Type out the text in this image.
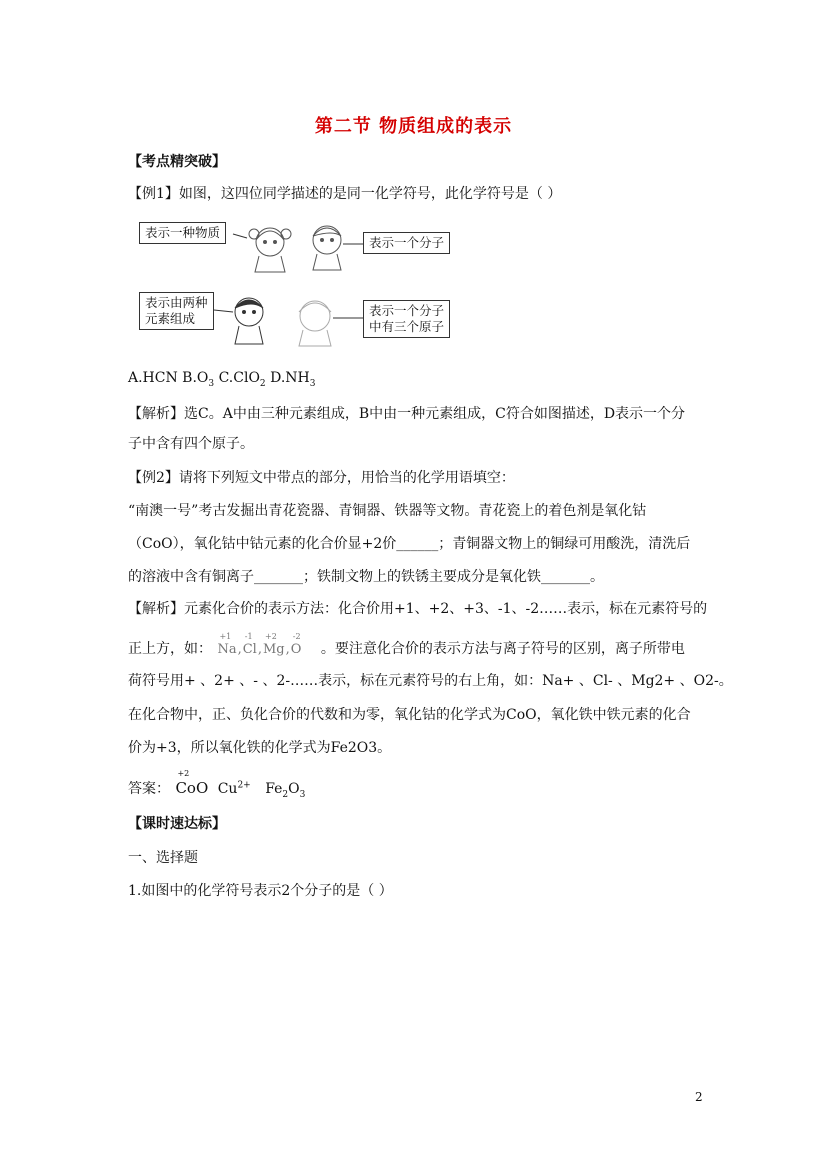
第二节 物质组成的表示
【考点精突破】
【例1】如图，这四位同学描述的是同一化学符号，此化学符号是（ ）
表示一种物质
表示一个分子
表示由两种
元素组成
表示一个分子
中有三个原子
A.HCN $B.O_3$ C.ClO$_2$ $D.NH_3$
【解析】选C。A中由三种元素组成，B中由一种元素组成，C符合如图描述，D表示一个分
子中含有四个原子。
【例2】请将下列短文中带点的部分，用恰当的化学用语填空：
“南澳一号”考古发掘出青花瓷器、青铜器、铁器等文物。青花瓷上的着色剂是氧化钴
（CoO），氧化钴中钴元素的化合价显+2价______；青铜器文物上的铜绿可用酸洗，清洗后
的溶液中含有铜离子_______；铁制文物上的铁锈主要成分是氧化铁_______。
【解析】元素化合价的表示方法：化合价用+1、+2、+3、-1、-2……表示，标在元素符号的
正上方，如：
+1
Na,
-1
Cl,
+2
Mg,
-2
O 。要注意化合价的表示方法与离子符号的区别，离子所带电
荷符号用+ 、2+ 、- 、2-……表示，标在元素符号的右上角，如：Na+ 、Cl- 、Mg2+ 、O2-。
在化合物中，正、负化合价的代数和为零，氧化钴的化学式为CoO，氧化铁中铁元素的化合
价为+3，所以氧化铁的化学式为Fe2O3。
答案：
+2
CoO $Cu^{2+}$ $Fe_2O_3$
【课时速达标】
一、选择题
1.如图中的化学符号表示2个分子的是（ ）
2
